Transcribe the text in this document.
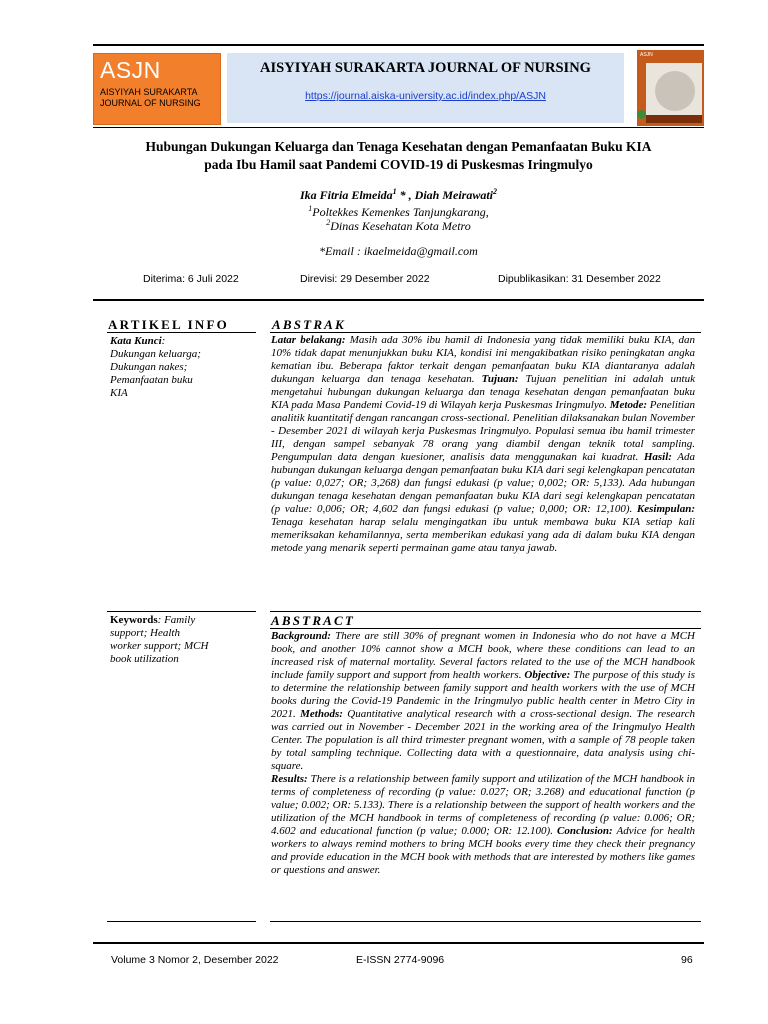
ASJN
AISYIYAH SURAKARTA
JOURNAL OF NURSING
AISYIYAH SURAKARTA JOURNAL OF NURSING
https://journal.aiska-university.ac.id/index.php/ASJN
ASJN
Hubungan Dukungan Keluarga dan Tenaga Kesehatan dengan Pemanfaatan Buku KIA
pada Ibu Hamil saat Pandemi COVID-19 di Puskesmas Iringmulyo
Ika Fitria Elmeida$^1$ * , Diah Meirawati$^2$
$^1$Poltekkes Kemenkes Tanjungkarang,
$^2$Dinas Kesehatan Kota Metro
*Email : ikaelmeida@gmail.com
Diterima: 6 Juli 2022	Direvisi: 29 Desember 2022	Dipublikasikan: 31 Desember 2022
ARTIKEL INFO	ABSTRAK
Kata Kunci:
Dukungan keluarga;
Dukungan nakes;
Pemanfaatan buku
KIA
Latar belakang: Masih ada 30% ibu hamil di Indonesia yang tidak memiliki buku KIA, dan 10% tidak dapat menunjukkan buku KIA, kondisi ini mengakibatkan risiko peningkatan angka kematian ibu. Beberapa faktor terkait dengan pemanfaatan buku KIA diantaranya adalah dukungan keluarga dan tenaga kesehatan. Tujuan: Tujuan penelitian ini adalah untuk mengetahui hubungan dukungan keluarga dan tenaga kesehatan dengan pemanfaatan buku KIA pada Masa Pandemi Covid-19 di Wilayah kerja Puskesmas Iringmulyo. Metode: Penelitian analitik kuantitatif dengan rancangan cross-sectional. Penelitian dilaksanakan bulan November - Desember 2021 di wilayah kerja Puskesmas Iringmulyo. Populasi semua ibu hamil trimester III, dengan sampel sebanyak 78 orang yang diambil dengan teknik total sampling. Pengumpulan data dengan kuesioner, analisis data menggunakan kai kuadrat. Hasil: Ada hubungan dukungan keluarga dengan pemanfaatan buku KIA dari segi kelengkapan pencatatan (p value: 0,027; OR; 3,268) dan fungsi edukasi (p value; 0,002; OR: 5,133). Ada hubungan dukungan tenaga kesehatan dengan pemanfaatan buku KIA dari segi kelengkapan pencatatan (p value: 0,006; OR; 4,602 dan fungsi edukasi (p value; 0,000; OR: 12,100). Kesimpulan: Tenaga kesehatan harap selalu mengingatkan ibu untuk membawa buku KIA setiap kali memeriksakan kehamilannya, serta memberikan edukasi yang ada di dalam buku KIA dengan metode yang menarik seperti permainan game atau tanya jawab.
Keywords: Family
support; Health
worker support; MCH
book utilization
ABSTRACT
Background: There are still 30% of pregnant women in Indonesia who do not have a MCH book, and another 10% cannot show a MCH book, where these conditions can lead to an increased risk of maternal mortality. Several factors related to the use of the MCH handbook include family support and support from health workers. Objective: The purpose of this study is to determine the relationship between family support and health workers with the use of MCH books during the Covid-19 Pandemic in the Iringmulyo public health center in Metro City in 2021. Methods: Quantitative analytical research with a cross-sectional design. The research was carried out in November - December 2021 in the working area of the Iringmulyo Health Center. The population is all third trimester pregnant women, with a sample of 78 people taken by total sampling technique. Collecting data with a questionnaire, data analysis using chi-square.
Results: There is a relationship between family support and utilization of the MCH handbook in terms of completeness of recording (p value: 0.027; OR; 3.268) and educational function (p value; 0.002; OR: 5.133). There is a relationship between the support of health workers and the utilization of the MCH handbook in terms of completeness of recording (p value: 0.006; OR; 4.602 and educational function (p value; 0.000; OR: 12.100). Conclusion: Advice for health workers to always remind mothers to bring MCH books every time they check their pregnancy and provide education in the MCH book with methods that are interested by mothers like games or questions and answer.
Volume 3 Nomor 2, Desember 2022	E-ISSN 2774-9096	96
